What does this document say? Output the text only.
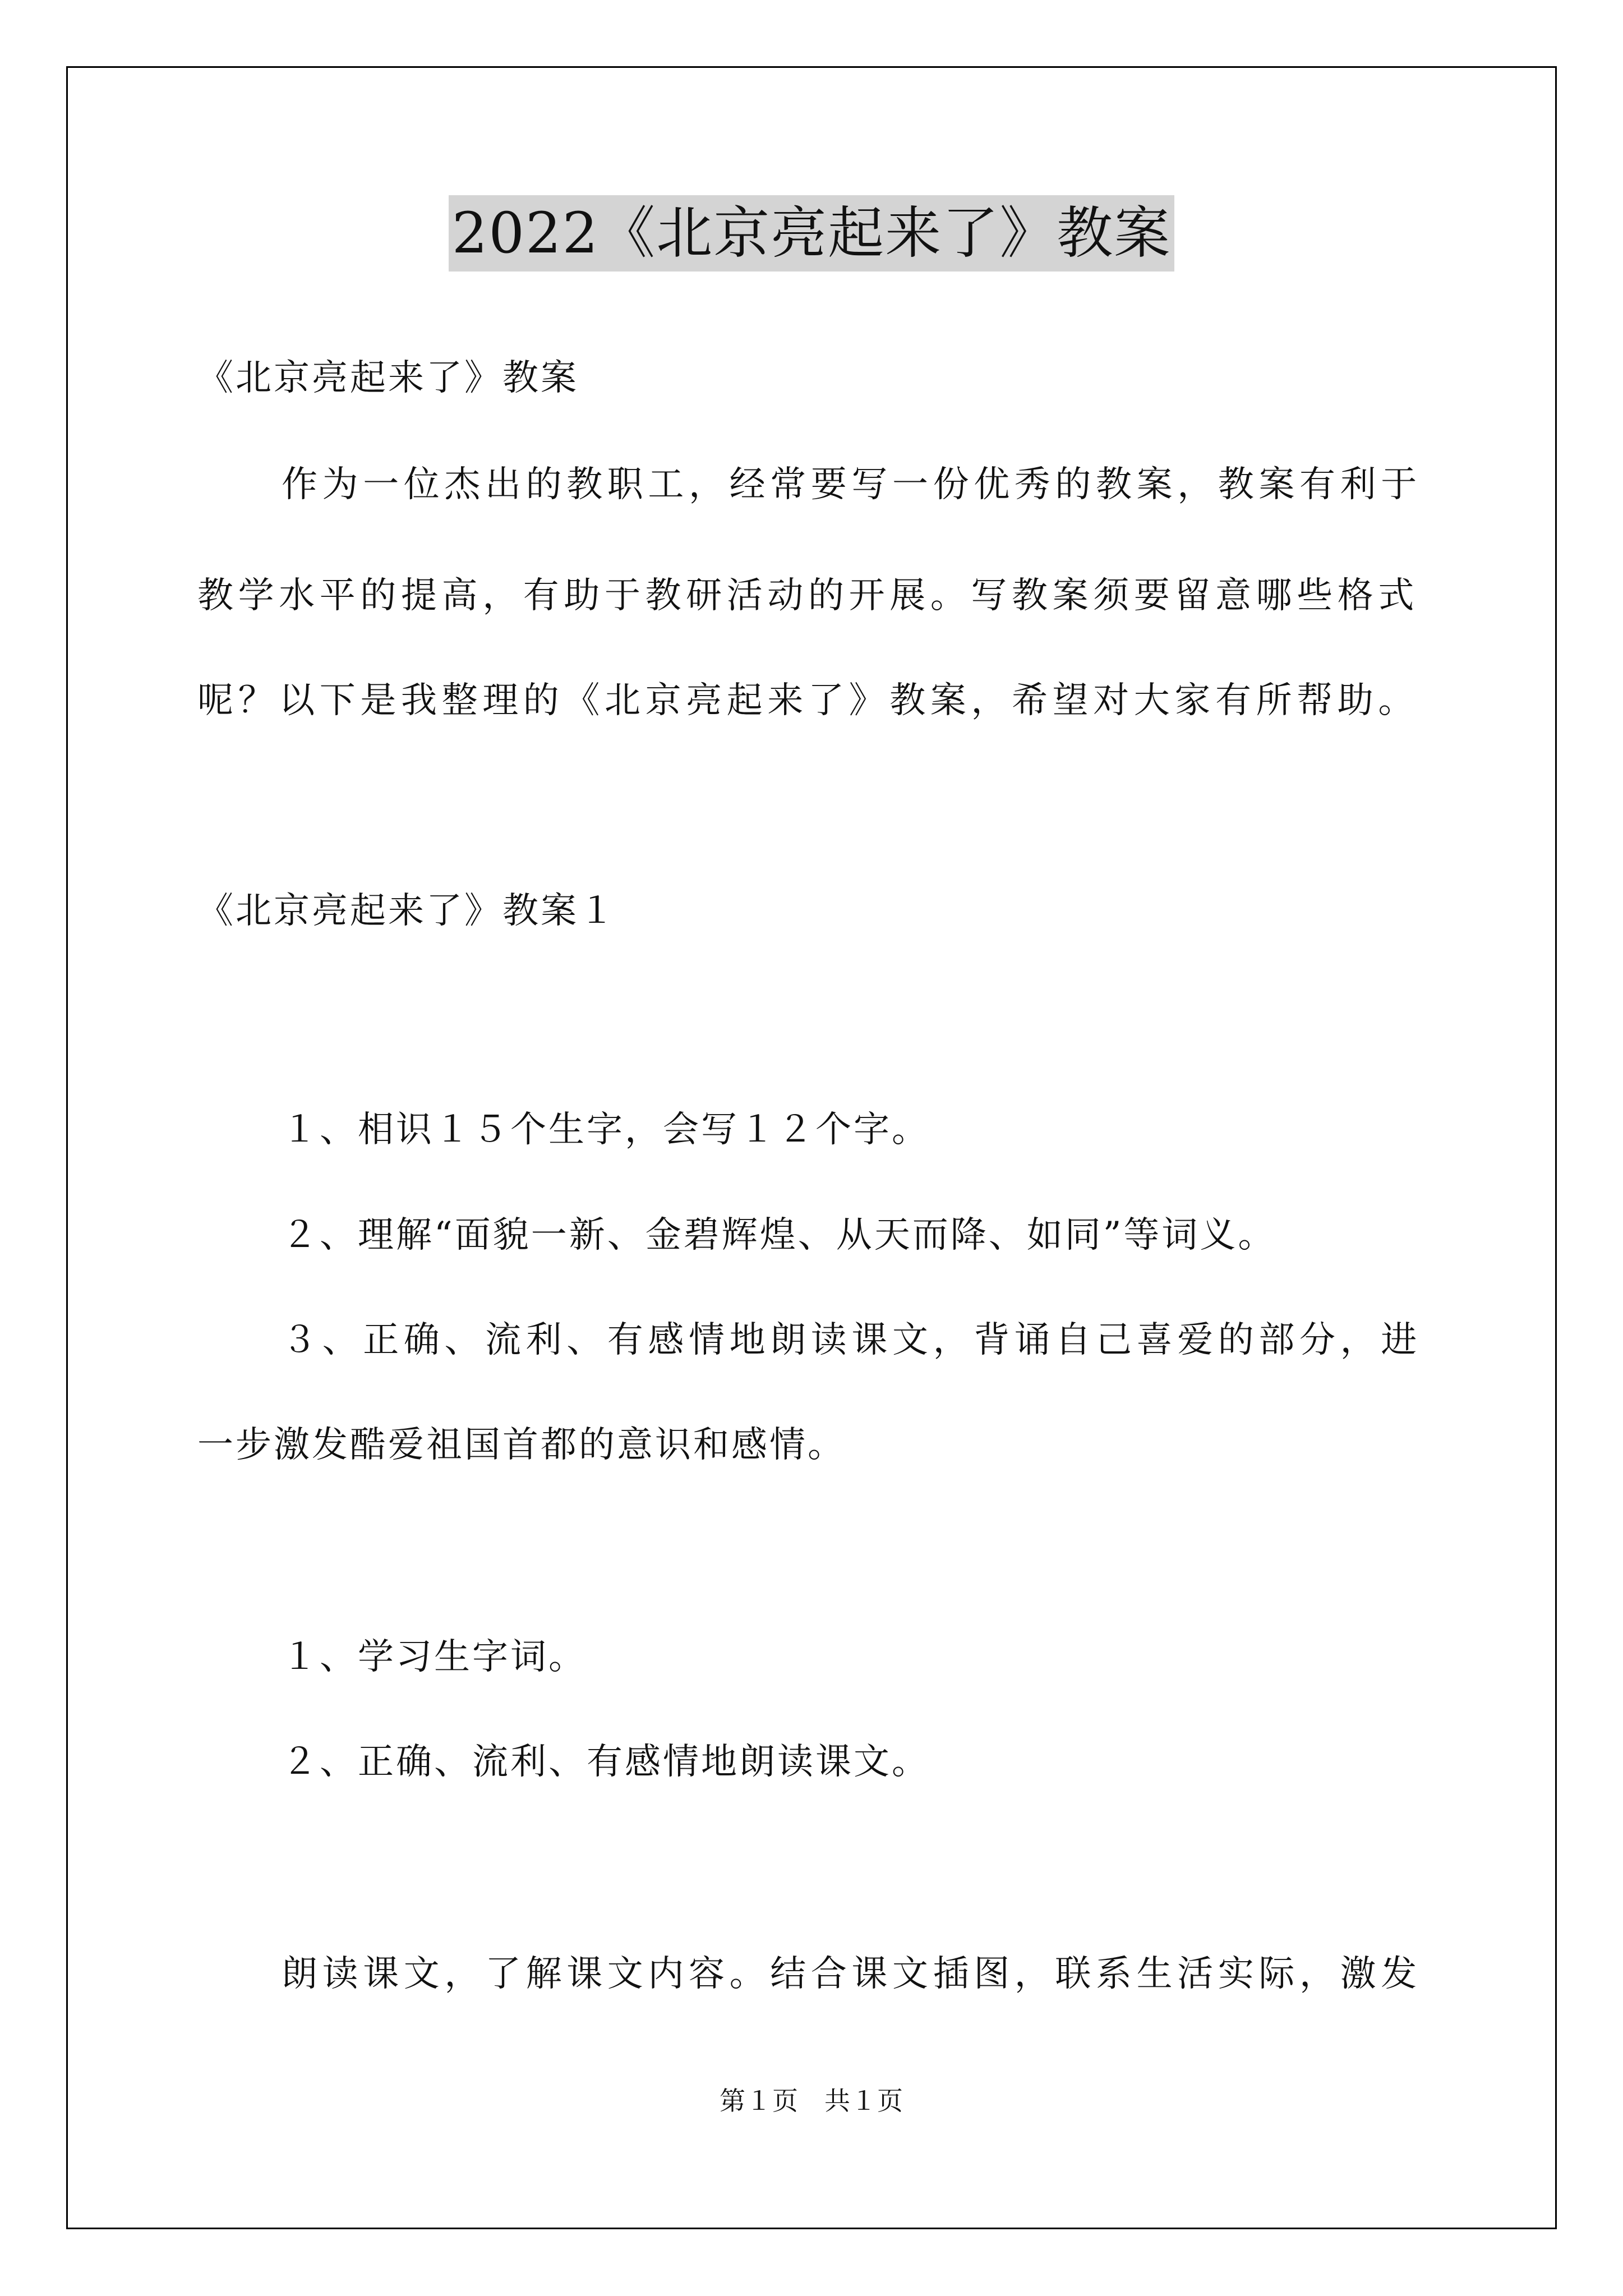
2022《北京亮起来了》教案
《北京亮起来了》教案
作为一位杰出的教职工，经常要写一份优秀的教案，教案有利于
教学水平的提高，有助于教研活动的开展。写教案须要留意哪些格式
呢？以下是我整理的《北京亮起来了》教案，希望对大家有所帮助。
《北京亮起来了》教案１
１、相识１５个生字，会写１２个字。
２、理解“面貌一新、金碧辉煌、从天而降、如同”等词义。
３、正确、流利、有感情地朗读课文，背诵自己喜爱的部分，进
一步激发酷爱祖国首都的意识和感情。
１、学习生字词。
２、正确、流利、有感情地朗读课文。
朗读课文，了解课文内容。结合课文插图，联系生活实际，激发
第１页 共１页
